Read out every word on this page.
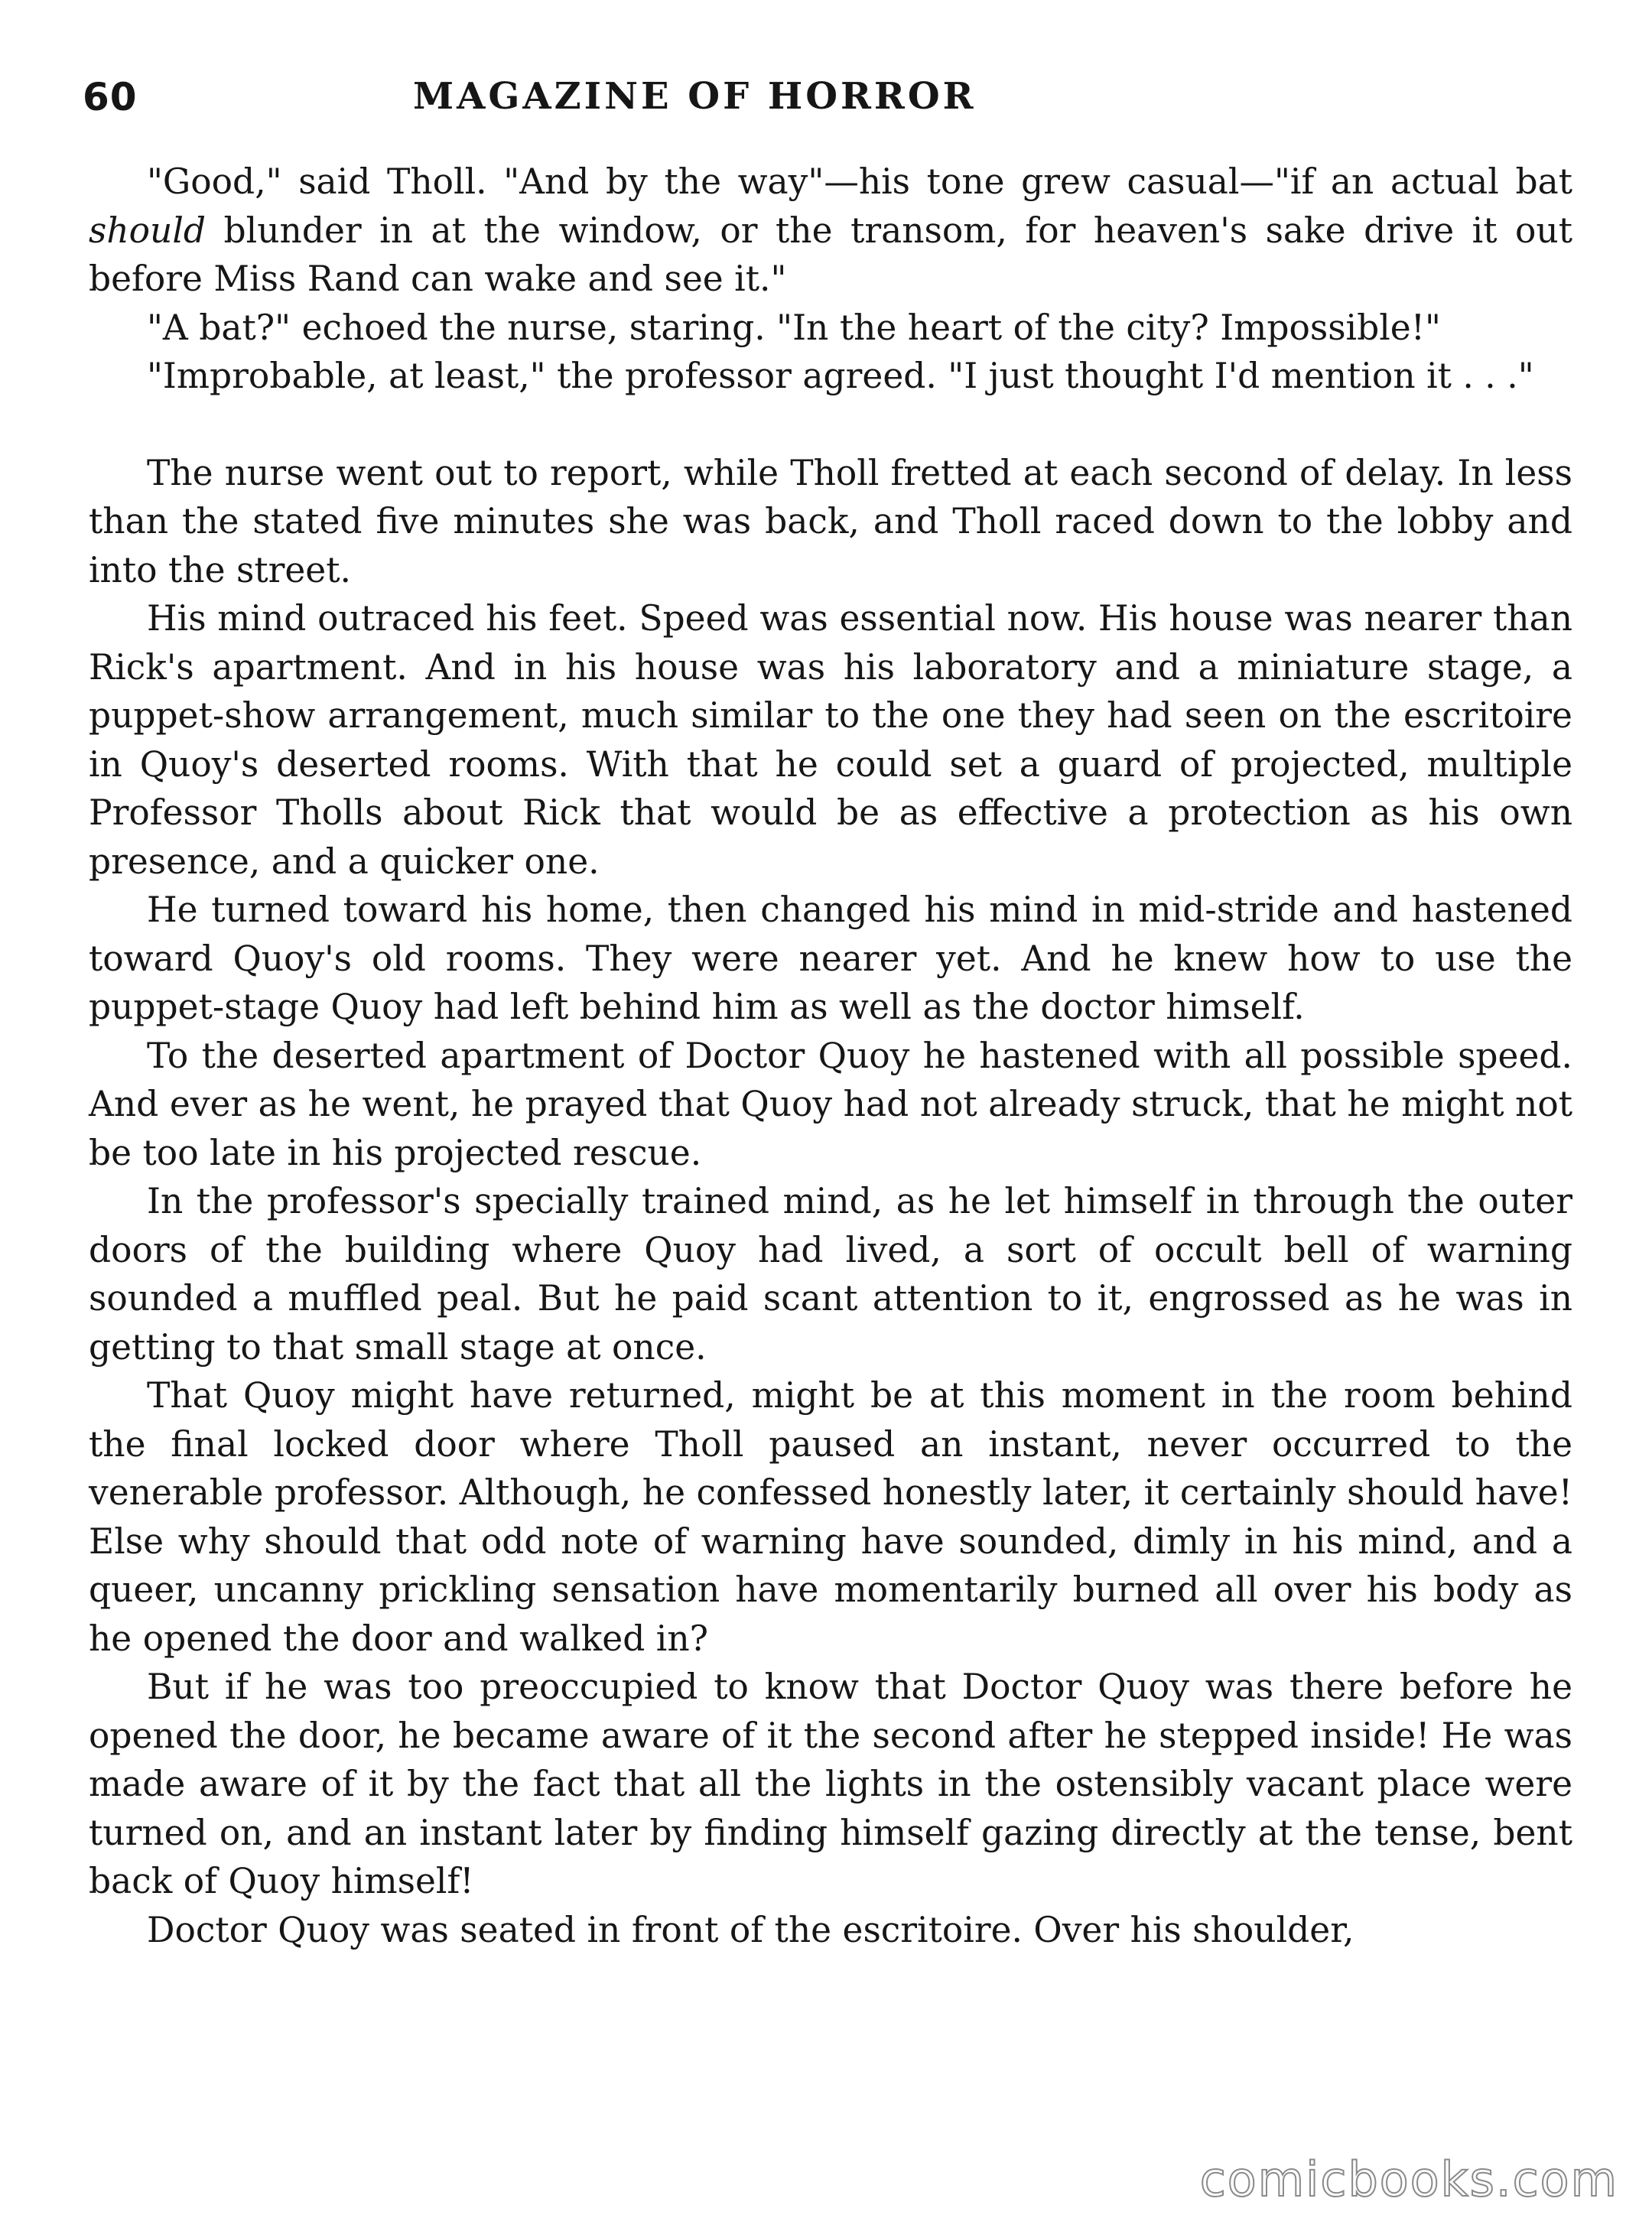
60	MAGAZINE OF HORROR

"Good," said Tholl. "And by the way"—his tone grew casual—"if an actual bat should blunder in at the window, or the transom, for heaven's sake drive it out before Miss Rand can wake and see it."

"A bat?" echoed the nurse, staring. "In the heart of the city? Impossible!"

"Improbable, at least," the professor agreed. "I just thought I'd mention it . . ."

The nurse went out to report, while Tholl fretted at each second of delay. In less than the stated five minutes she was back, and Tholl raced down to the lobby and into the street.

His mind outraced his feet. Speed was essential now. His house was nearer than Rick's apartment. And in his house was his laboratory and a miniature stage, a puppet-show arrangement, much similar to the one they had seen on the escritoire in Quoy's deserted rooms. With that he could set a guard of projected, multiple Professor Tholls about Rick that would be as effective a protection as his own presence, and a quicker one.

He turned toward his home, then changed his mind in mid-stride and hastened toward Quoy's old rooms. They were nearer yet. And he knew how to use the puppet-stage Quoy had left behind him as well as the doctor himself.

To the deserted apartment of Doctor Quoy he hastened with all possible speed. And ever as he went, he prayed that Quoy had not already struck, that he might not be too late in his projected rescue.

In the professor's specially trained mind, as he let himself in through the outer doors of the building where Quoy had lived, a sort of occult bell of warning sounded a muffled peal. But he paid scant attention to it, engrossed as he was in getting to that small stage at once.

That Quoy might have returned, might be at this moment in the room behind the final locked door where Tholl paused an instant, never occurred to the venerable professor. Although, he confessed honestly later, it certainly should have! Else why should that odd note of warning have sounded, dimly in his mind, and a queer, uncanny prickling sensation have momentarily burned all over his body as he opened the door and walked in?

But if he was too preoccupied to know that Doctor Quoy was there before he opened the door, he became aware of it the second after he stepped inside! He was made aware of it by the fact that all the lights in the ostensibly vacant place were turned on, and an instant later by finding himself gazing directly at the tense, bent back of Quoy himself!

Doctor Quoy was seated in front of the escritoire. Over his shoulder,

comicbooks.com
